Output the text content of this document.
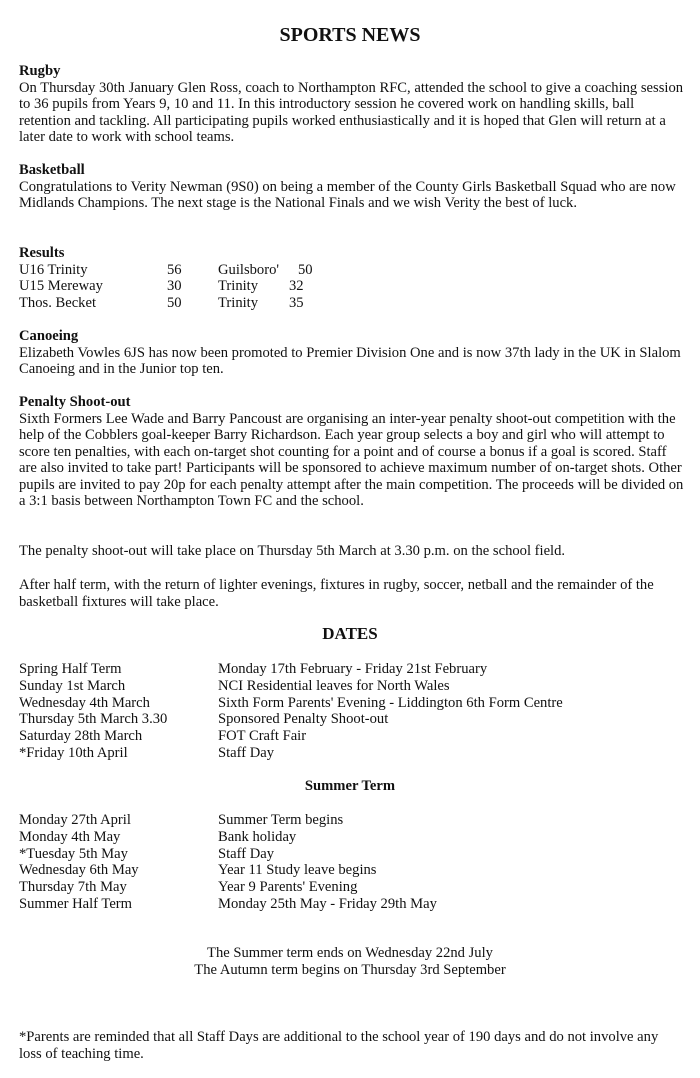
SPORTS NEWS
Rugby

On Thursday 30th January Glen Ross, coach to Northampton RFC, attended the school to give a coaching session to 36 pupils from Years 9, 10 and 11. In this introductory session he covered work on handling skills, ball retention and tackling. All participating pupils worked enthusiastically and it is hoped that Glen will return at a later date to work with school teams.

Basketball

Congratulations to Verity Newman (9S0) on being a member of the County Girls Basketball Squad who are now Midlands Champions. The next stage is the National Finals and we wish Verity the best of luck.

Results
U16 Trinity	56 Guilsboro' 50
U15 Mereway	30 Trinity 32
Thos. Becket	50 Trinity 35
Canoeing

Elizabeth Vowles 6JS has now been promoted to Premier Division One and is now 37th lady in the UK in Slalom Canoeing and in the Junior top ten.

Penalty Shoot-out

Sixth Formers Lee Wade and Barry Pancoust are organising an inter-year penalty shoot-out competition with the help of the Cobblers goal-keeper Barry Richardson. Each year group selects a boy and girl who will attempt to score ten penalties, with each on-target shot counting for a point and of course a bonus if a goal is scored. Staff are also invited to take part! Participants will be sponsored to achieve maximum number of on-target shots. Other pupils are invited to pay 20p for each penalty attempt after the main competition. The proceeds will be divided on a 3:1 basis between Northampton Town FC and the school.

The penalty shoot-out will take place on Thursday 5th March at 3.30 p.m. on the school field.

After half term, with the return of lighter evenings, fixtures in rugby, soccer, netball and the remainder of the basketball fixtures will take place.

DATES
Spring Half Term	Monday 17th February - Friday 21st February
Sunday 1st March	NCI Residential leaves for North Wales
Wednesday 4th March	Sixth Form Parents' Evening - Liddington 6th Form Centre
Thursday 5th March 3.30	Sponsored Penalty Shoot-out
Saturday 28th March	FOT Craft Fair
*Friday 10th April	Staff Day
Summer Term
Monday 27th April	Summer Term begins
Monday 4th May	Bank holiday
*Tuesday 5th May	Staff Day
Wednesday 6th May	Year 11 Study leave begins
Thursday 7th May	Year 9 Parents' Evening
Summer Half Term	Monday 25th May - Friday 29th May
The Summer term ends on Wednesday 22nd July
The Autumn term begins on Thursday 3rd September

*Parents are reminded that all Staff Days are additional to the school year of 190 days and do not involve any loss of teaching time.
